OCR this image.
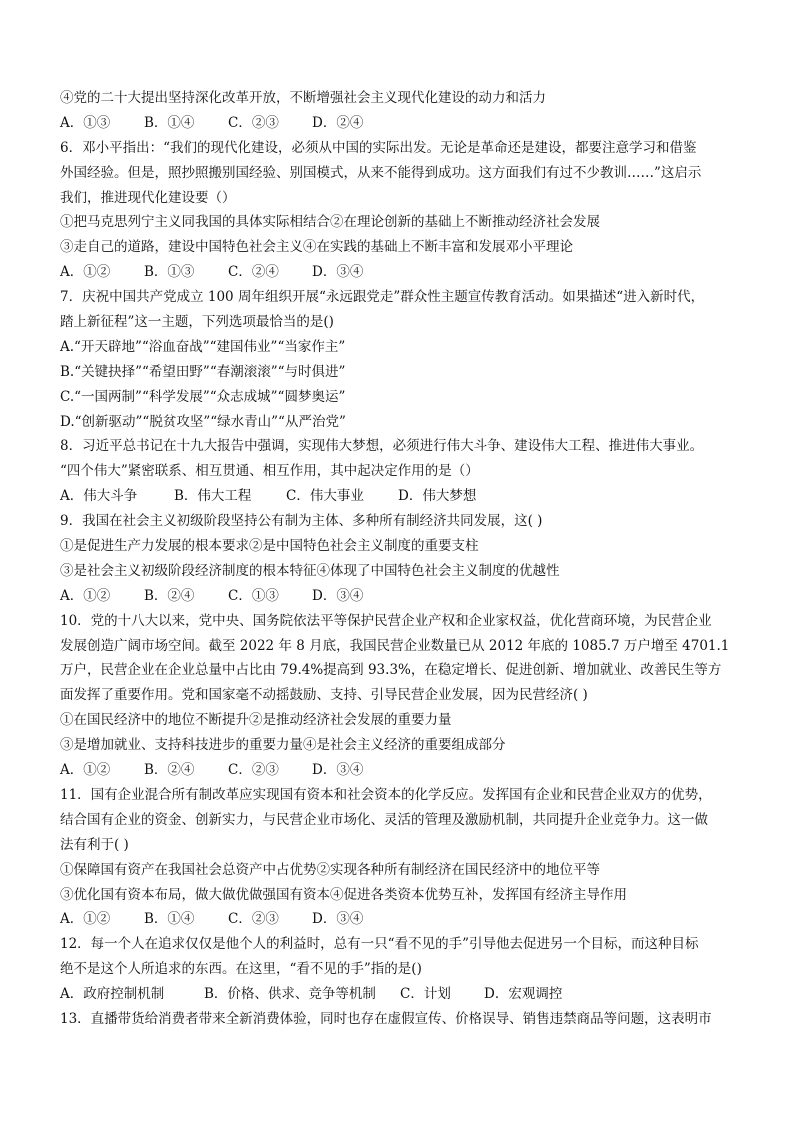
④党的二十大提出坚持深化改革开放，不断增强社会主义现代化建设的动力和活力
A．①③	B．①④	C．②③	D．②④
6．邓小平指出：“我们的现代化建设，必须从中国的实际出发。无论是革命还是建设，都要注意学习和借鉴
外国经验。但是，照抄照搬别国经验、别国模式，从来不能得到成功。这方面我们有过不少教训……”这启示
我们，推进现代化建设要（）
①把马克思列宁主义同我国的具体实际相结合②在理论创新的基础上不断推动经济社会发展
③走自己的道路，建设中国特色社会主义④在实践的基础上不断丰富和发展邓小平理论
A．①②	B．①③	C．②④	D．③④
7．庆祝中国共产党成立 100 周年组织开展“永远跟党走”群众性主题宣传教育活动。如果描述“进入新时代，
踏上新征程”这一主题，下列选项最恰当的是()
A.“开天辟地”“浴血奋战”“建国伟业”“当家作主”
B.“关键抉择”“希望田野”“春潮滚滚”“与时俱进”
C.“一国两制”“科学发展”“众志成城”“圆梦奥运”
D.“创新驱动”“脱贫攻坚”“绿水青山”“从严治党”
8．习近平总书记在十九大报告中强调，实现伟大梦想，必须进行伟大斗争、建设伟大工程、推进伟大事业。
“四个伟大”紧密联系、相互贯通、相互作用，其中起决定作用的是（）
A．伟大斗争	B．伟大工程	C．伟大事业	D．伟大梦想
9．我国在社会主义初级阶段坚持公有制为主体、多种所有制经济共同发展，这( )
①是促进生产力发展的根本要求②是中国特色社会主义制度的重要支柱
③是社会主义初级阶段经济制度的根本特征④体现了中国特色社会主义制度的优越性
A．①②	B．②④	C．①③	D．③④
10．党的十八大以来，党中央、国务院依法平等保护民营企业产权和企业家权益，优化营商环境，为民营企业
发展创造广阔市场空间。截至 2022 年 8 月底，我国民营企业数量已从 2012 年底的 1085.7 万户增至 4701.1
万户，民营企业在企业总量中占比由 79.4%提高到 93.3%，在稳定增长、促进创新、增加就业、改善民生等方
面发挥了重要作用。党和国家毫不动摇鼓励、支持、引导民营企业发展，因为民营经济( )
①在国民经济中的地位不断提升②是推动经济社会发展的重要力量
③是增加就业、支持科技进步的重要力量④是社会主义经济的重要组成部分
A．①②	B．②④	C．②③	D．③④
11．国有企业混合所有制改革应实现国有资本和社会资本的化学反应。发挥国有企业和民营企业双方的优势，
结合国有企业的资金、创新实力，与民营企业市场化、灵活的管理及激励机制，共同提升企业竞争力。这一做
法有利于( )
①保障国有资产在我国社会总资产中占优势②实现各种所有制经济在国民经济中的地位平等
③优化国有资本布局，做大做优做强国有资本④促进各类资本优势互补，发挥国有经济主导作用
A．①②	B．①④	C．②③	D．③④
12．每一个人在追求仅仅是他个人的利益时，总有一只“看不见的手”引导他去促进另一个目标，而这种目标
绝不是这个人所追求的东西。在这里，“看不见的手”指的是()
A．政府控制机制	B．价格、供求、竞争等机制	C．计划	D．宏观调控
13．直播带货给消费者带来全新消费体验，同时也存在虚假宣传、价格误导、销售违禁商品等问题，这表明市
